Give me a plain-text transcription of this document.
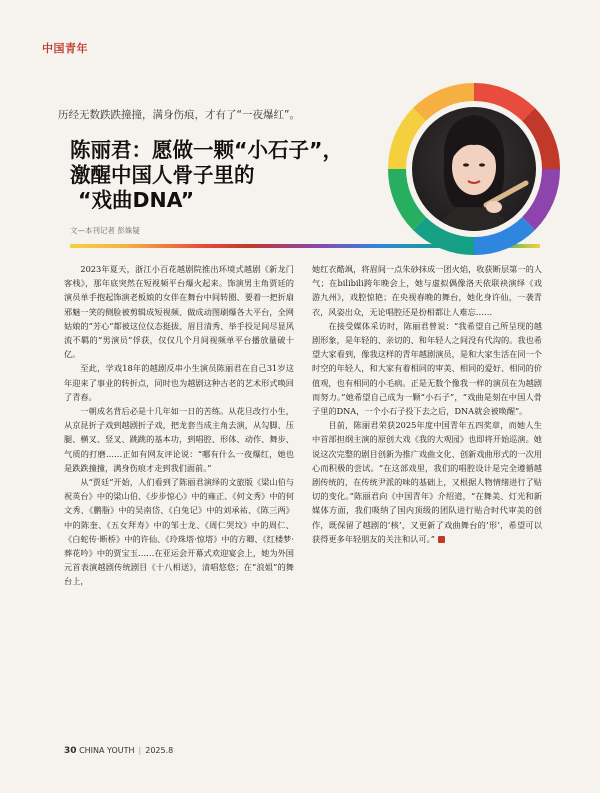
中国青年
历经无数跌跌撞撞，满身伤痕，才有了“一夜爆红”。
陈丽君：愿做一颗“小石子”，
激醒中国人骨子里的
“戏曲DNA”
文—本刊记者 彭姝疑

2023年夏天，浙江小百花越剧院推出环境式越剧《新龙门客栈》，那年底突然在短视频平台爆火起来。饰演男主角贾廷的演员单手抱起饰演老板娘的女伴在舞台中间转圈、要着一把折扇邪魅一笑的侧脸被剪辑成短视频、做成动图刷爆各大平台，全网姑娘的“芳心”都被这位仪态挺拔、眉目清秀、举手投足间尽显风流不羁的“男演员”俘获，仅仅几个月间视频单平台播放量破十亿。

至此，学戏18年的越剧反串小生演员陈丽君在自己31岁这年迎来了事业的转折点，同时也为越剧这种古老的艺术形式唤回了青春。

一朝成名背后必是十几年如一日的苦练。从花旦改行小生，从京昆折子戏到越剧折子戏，把龙套当成主角去演，从勾脚、压腿、横叉、竖叉、跳跳的基本功，到唱腔、形体、动作、舞步、气质的打磨……正如有网友评论说：“哪有什么一夜爆红，她也是跌跌撞撞，满身伤痕才走到我们面前。”

从“贾廷”开始，人们看到了陈丽君演绎的文旅版《梁山伯与祝英台》中的梁山伯、《步步惊心》中的雍正、《何文秀》中的何文秀、《鹏脂》中的吴南岱、《白兔记》中的刘承祐、《陈三两》中的陈奎、《五女拜寿》中的邹士龙、《周仁哭坟》中的周仁、《白蛇传·断桥》中的许仙、《玲珠塔·惊塔》中的方卿、《红楼梦·葬花吟》中的贾宝玉……在亚运会开幕式欢迎宴会上，她为外国元首表演越剧传统剧目《十八相送》，清唱悠悠；在“浪姐”的舞台上，

她红衣酷飒，将眉间一点朱砂抹成一团火焰，收获断层第一的人气；在bilibili跨年晚会上，她与虚拟偶像洛天依联袂演绎《戏游九州》，戏腔惊艳；在央视春晚的舞台，她化身许仙，一袭青衣，风姿出众，无论唱腔还是扮相都让人难忘……

在接受媒体采访时，陈丽君曾说：“我希望自己所呈现的越剧形象，是年轻的、亲切的、和年轻人之间没有代沟的。我也希望大家看到，像我这样的青年越剧演员，是和大家生活在同一个时空的年轻人，和大家有着相同的审美、相同的爱好、相同的价值观，也有相同的小毛病。正是无数个像我一样的演员在为越剧而努力。”她希望自己成为一颗“小石子”，“戏曲是刻在中国人骨子里的DNA，一个小石子投下去之后，DNA就会被唤醒”。

目前，陈丽君荣获2025年度中国青年五四奖章，而她人生中首部担纲主演的原创大戏《我的大观园》也即将开始巡演。她说这次完整的剧目创新为推广戏曲文化、创新戏曲形式的一次用心而积极的尝试。“在这部戏里，我们的唱腔设计是完全遵循越剧传统的，在传统尹派的味的基础上，又根据人物情绪进行了贴切的变化。”陈丽君向《中国青年》介绍道，“在舞美、灯光和新媒体方面，我们吸纳了国内顶级的团队进行贴合时代审美的创作，既保留了越剧的‘核’，又更新了戏曲舞台的‘形’，希望可以获得更多年轻朋友的关注和认可。”

30 CHINA YOUTH | 2025.8
